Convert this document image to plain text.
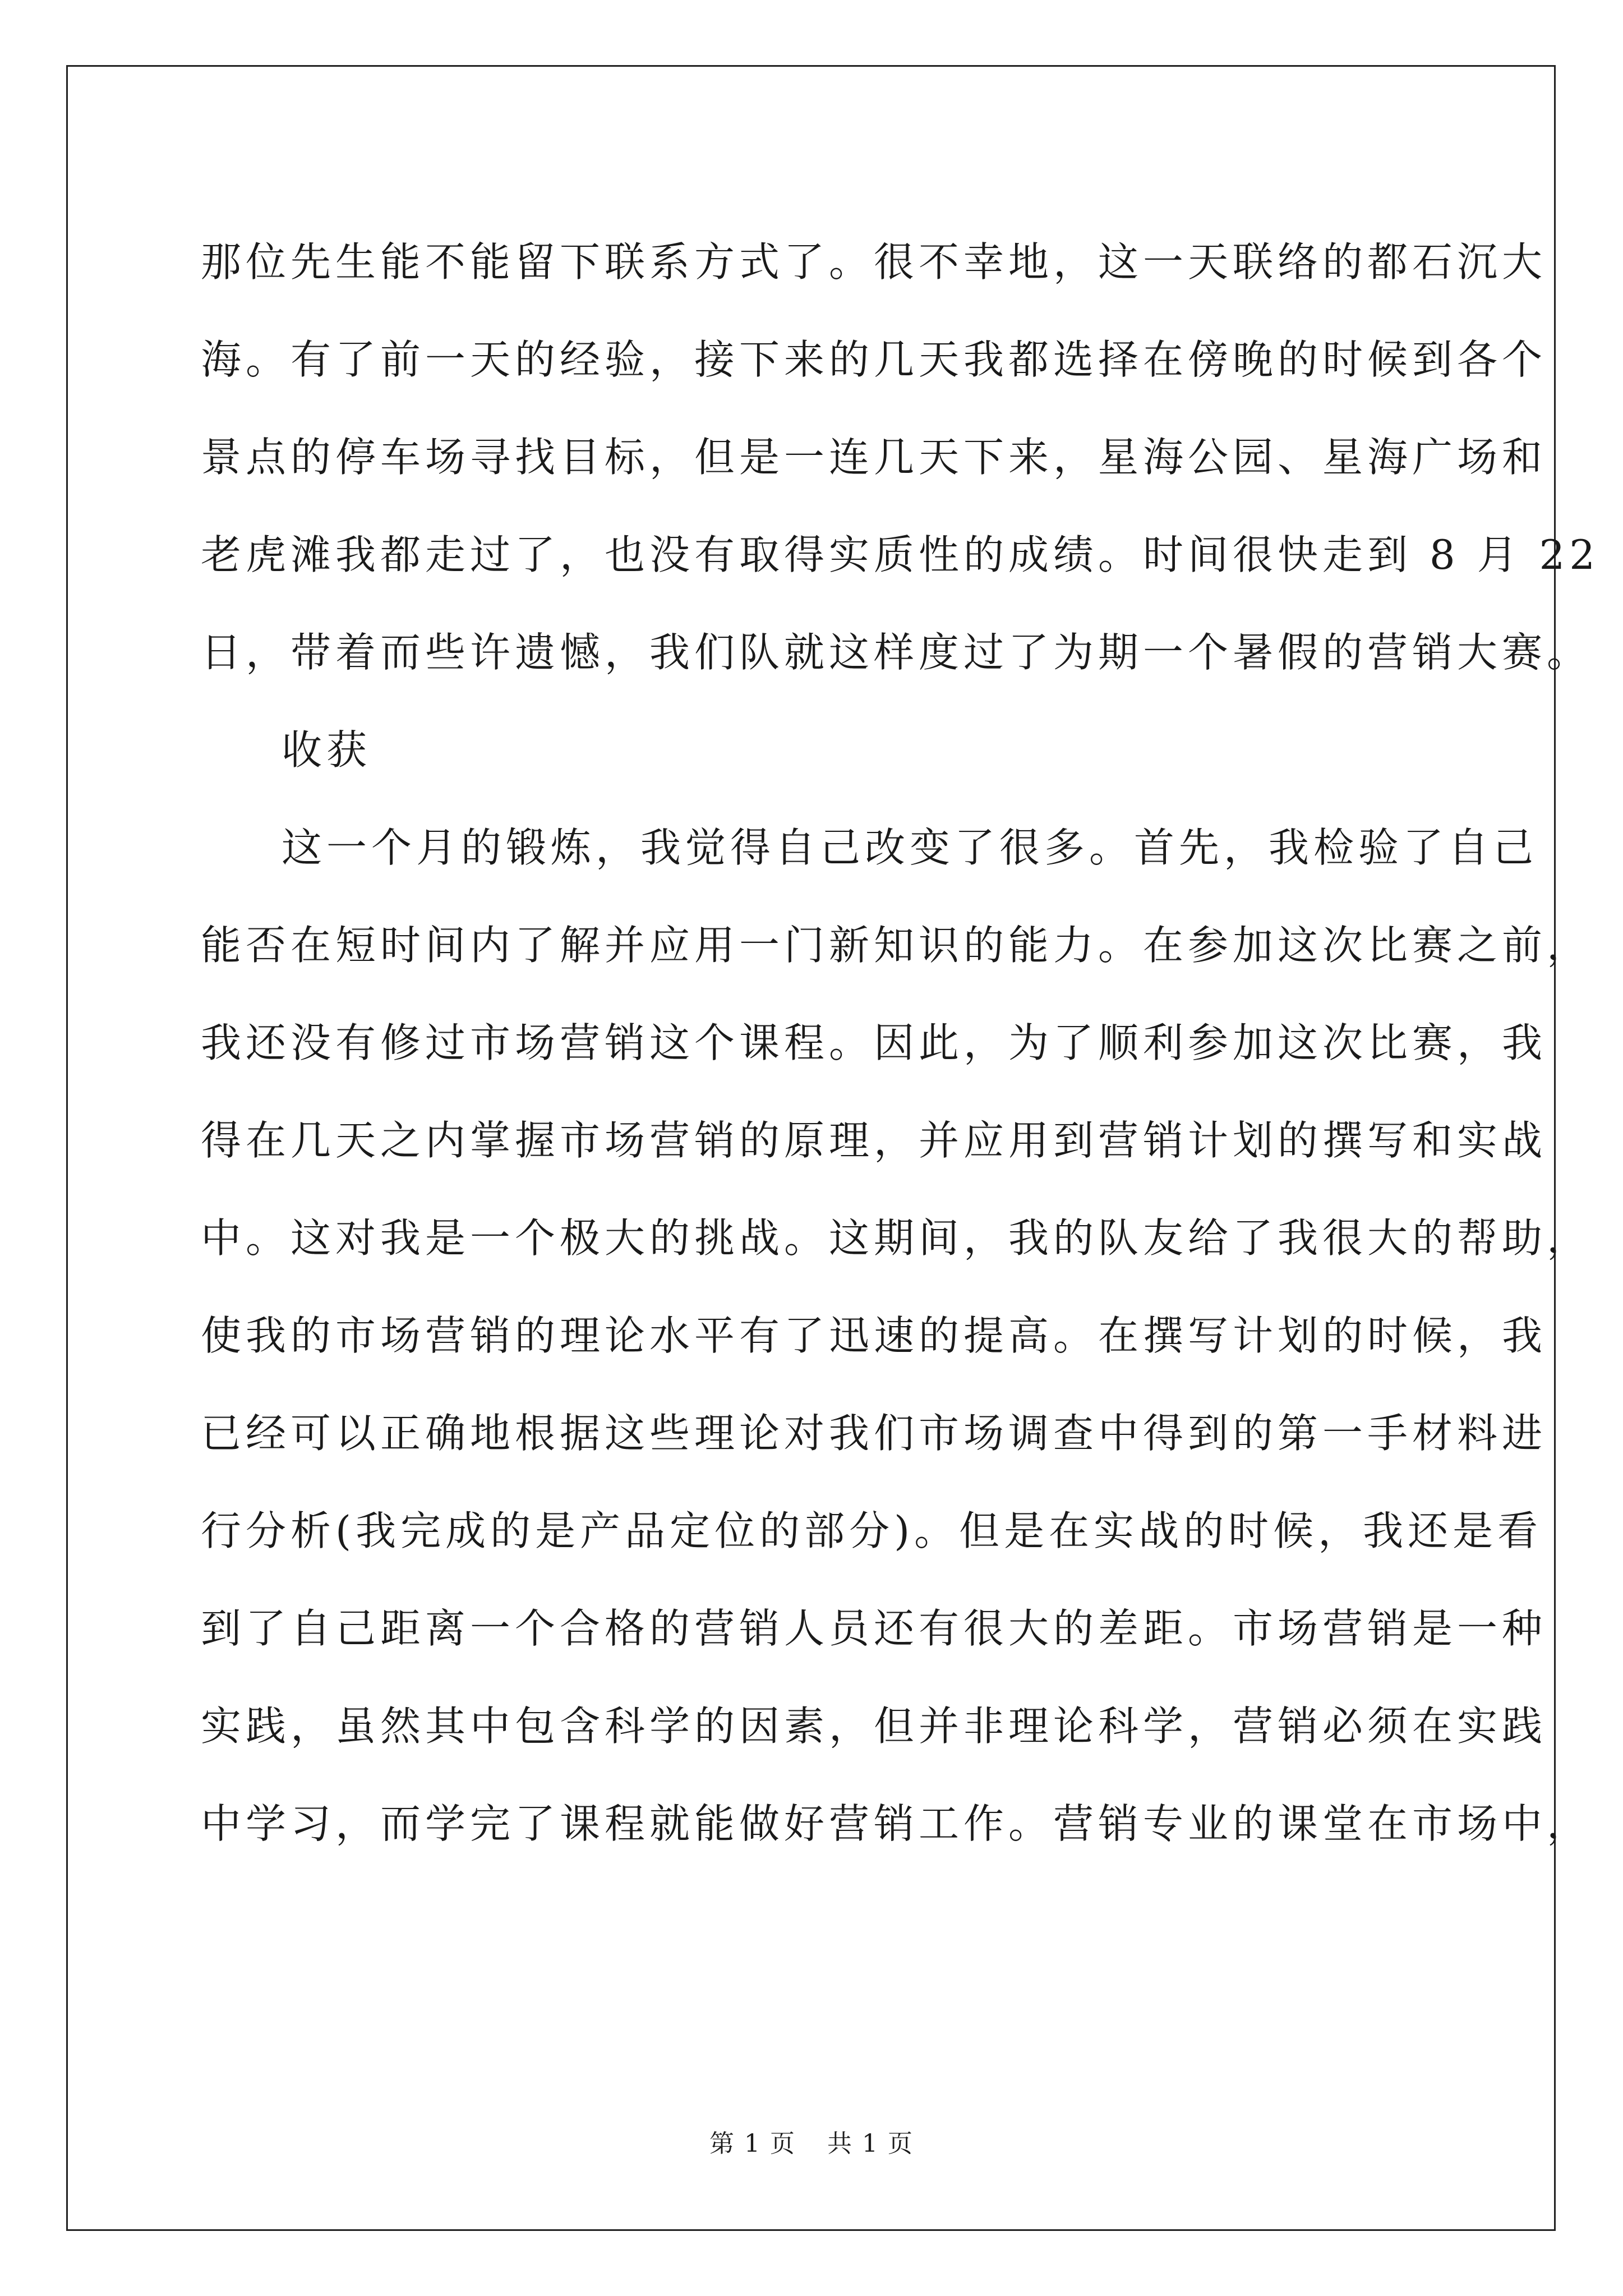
那位先生能不能留下联系方式了。很不幸地，这一天联络的都石沉大
海。有了前一天的经验，接下来的几天我都选择在傍晚的时候到各个
景点的停车场寻找目标，但是一连几天下来，星海公园、星海广场和
老虎滩我都走过了，也没有取得实质性的成绩。时间很快走到 8 月 22
日，带着而些许遗憾，我们队就这样度过了为期一个暑假的营销大赛。
收获
这一个月的锻炼，我觉得自己改变了很多。首先，我检验了自己
能否在短时间内了解并应用一门新知识的能力。在参加这次比赛之前，
我还没有修过市场营销这个课程。因此，为了顺利参加这次比赛，我
得在几天之内掌握市场营销的原理，并应用到营销计划的撰写和实战
中。这对我是一个极大的挑战。这期间，我的队友给了我很大的帮助，
使我的市场营销的理论水平有了迅速的提高。在撰写计划的时候，我
已经可以正确地根据这些理论对我们市场调查中得到的第一手材料进
行分析(我完成的是产品定位的部分)。但是在实战的时候，我还是看
到了自己距离一个合格的营销人员还有很大的差距。市场营销是一种
实践，虽然其中包含科学的因素，但并非理论科学，营销必须在实践
中学习，而学完了课程就能做好营销工作。营销专业的课堂在市场中，
第 1 页 共 1 页
